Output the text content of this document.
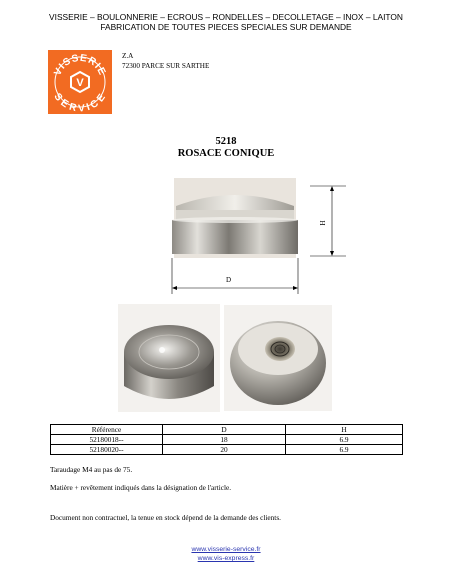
VISSERIE – BOULONNERIE – ECROUS – RONDELLES – DECOLLETAGE – INOX – LAITON
FABRICATION DE TOUTES PIECES SPECIALES SUR DEMANDE
VISSERIE
SERVICE
V
Z.A
72300 PARCE SUR SARTHE
5218
ROSACE CONIQUE
H
D
Référence	D	H
52180018--	18	6.9
52180020--	20	6.9
Taraudage M4 au pas de 75.
Matière + revêtement indiqués dans la désignation de l'article.
Document non contractuel, la tenue en stock dépend de la demande des clients.
www.visserie-service.fr
www.vis-express.fr
